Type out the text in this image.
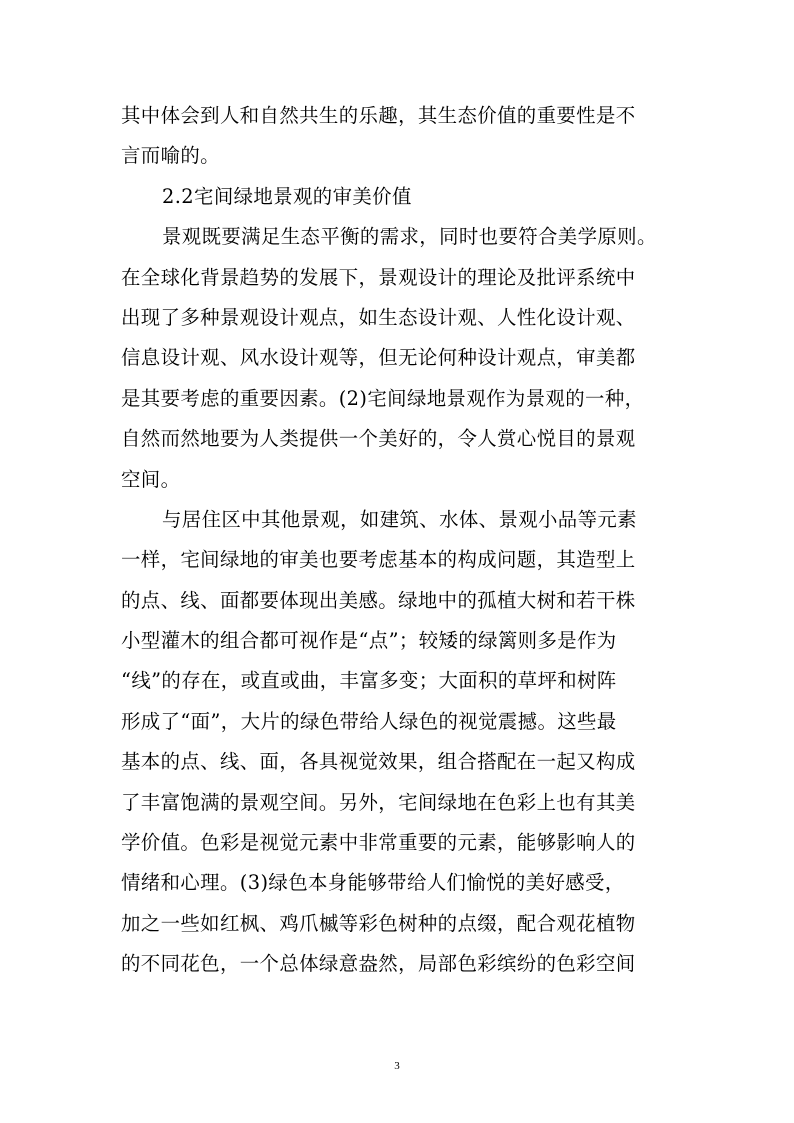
其中体会到人和自然共生的乐趣，其生态价值的重要性是不
言而喻的。
2.2宅间绿地景观的审美价值
景观既要满足生态平衡的需求，同时也要符合美学原则。
在全球化背景趋势的发展下，景观设计的理论及批评系统中
出现了多种景观设计观点，如生态设计观、人性化设计观、
信息设计观、风水设计观等，但无论何种设计观点，审美都
是其要考虑的重要因素。(2)宅间绿地景观作为景观的一种，
自然而然地要为人类提供一个美好的，令人赏心悦目的景观
空间。
与居住区中其他景观，如建筑、水体、景观小品等元素
一样，宅间绿地的审美也要考虑基本的构成问题，其造型上
的点、线、面都要体现出美感。绿地中的孤植大树和若干株
小型灌木的组合都可视作是“点”；较矮的绿篱则多是作为
“线”的存在，或直或曲，丰富多变；大面积的草坪和树阵
形成了“面”，大片的绿色带给人绿色的视觉震撼。这些最
基本的点、线、面，各具视觉效果，组合搭配在一起又构成
了丰富饱满的景观空间。另外，宅间绿地在色彩上也有其美
学价值。色彩是视觉元素中非常重要的元素，能够影响人的
情绪和心理。(3)绿色本身能够带给人们愉悦的美好感受，
加之一些如红枫、鸡爪槭等彩色树种的点缀，配合观花植物
的不同花色，一个总体绿意盎然，局部色彩缤纷的色彩空间
3
